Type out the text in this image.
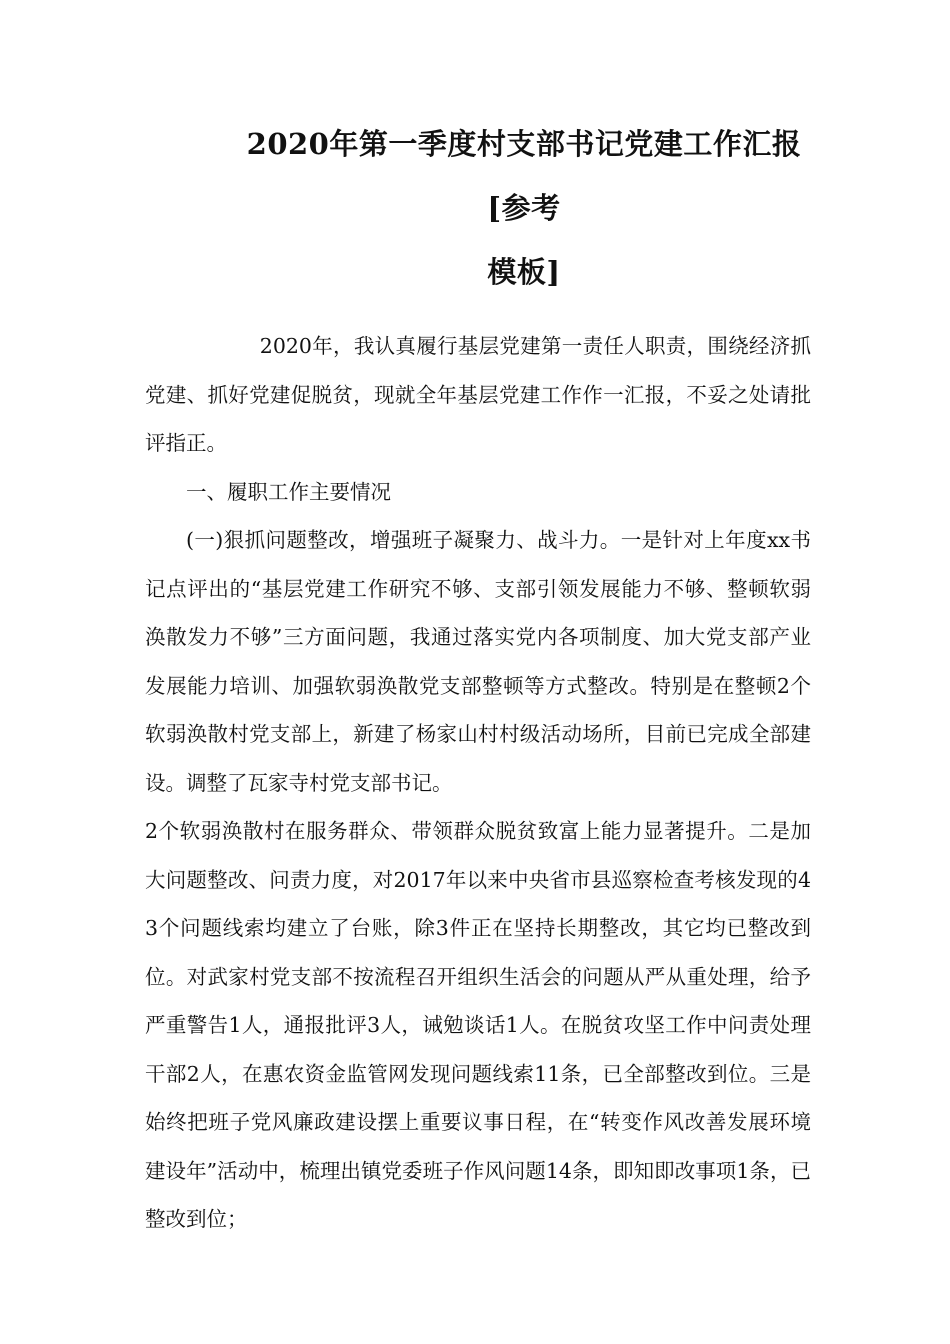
2020年第一季度村支部书记党建工作汇报[参考
模板]

2020年，我认真履行基层党建第一责任人职责，围绕经济抓党建、抓好党建促脱贫，现就全年基层党建工作作一汇报，不妥之处请批评指正。

一、履职工作主要情况

(一)狠抓问题整改，增强班子凝聚力、战斗力。一是针对上年度xx书记点评出的“基层党建工作研究不够、支部引领发展能力不够、整顿软弱涣散发力不够”三方面问题，我通过落实党内各项制度、加大党支部产业发展能力培训、加强软弱涣散党支部整顿等方式整改。特别是在整顿2个软弱涣散村党支部上，新建了杨家山村村级活动场所，目前已完成全部建设。调整了瓦家寺村党支部书记。

2个软弱涣散村在服务群众、带领群众脱贫致富上能力显著提升。二是加大问题整改、问责力度，对2017年以来中央省市县巡察检查考核发现的43个问题线索均建立了台账，除3件正在坚持长期整改，其它均已整改到位。对武家村党支部不按流程召开组织生活会的问题从严从重处理，给予严重警告1人，通报批评3人，诫勉谈话1人。在脱贫攻坚工作中问责处理干部2人，在惠农资金监管网发现问题线索11条，已全部整改到位。三是始终把班子党风廉政建设摆上重要议事日程，在“转变作风改善发展环境建设年”活动中，梳理出镇党委班子作风问题14条，即知即改事项1条，已整改到位；
